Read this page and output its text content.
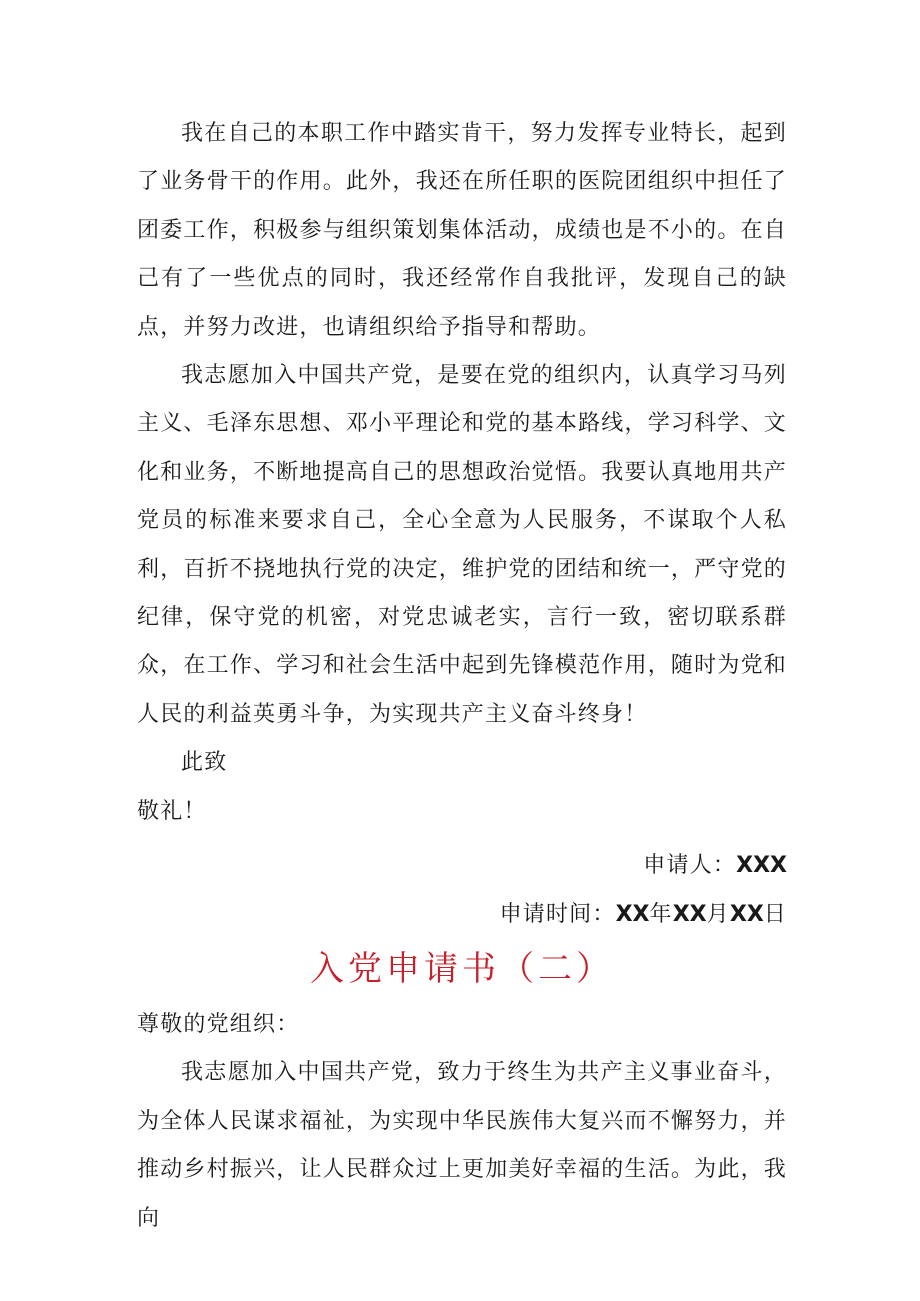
我在自己的本职工作中踏实肯干，努力发挥专业特长，起到了业务骨干的作用。此外，我还在所任职的医院团组织中担任了团委工作，积极参与组织策划集体活动，成绩也是不小的。在自己有了一些优点的同时，我还经常作自我批评，发现自己的缺点，并努力改进，也请组织给予指导和帮助。

我志愿加入中国共产党，是要在党的组织内，认真学习马列主义、毛泽东思想、邓小平理论和党的基本路线，学习科学、文化和业务，不断地提高自己的思想政治觉悟。我要认真地用共产党员的标准来要求自己，全心全意为人民服务，不谋取个人私利，百折不挠地执行党的决定，维护党的团结和统一，严守党的纪律，保守党的机密，对党忠诚老实，言行一致，密切联系群众，在工作、学习和社会生活中起到先锋模范作用，随时为党和人民的利益英勇斗争，为实现共产主义奋斗终身！

此致

敬礼！

申请人：XXX

申请时间：XX年XX月XX日

入党申请书（二）

尊敬的党组织：

我志愿加入中国共产党，致力于终生为共产主义事业奋斗，为全体人民谋求福祉，为实现中华民族伟大复兴而不懈努力，并推动乡村振兴，让人民群众过上更加美好幸福的生活。为此，我向
